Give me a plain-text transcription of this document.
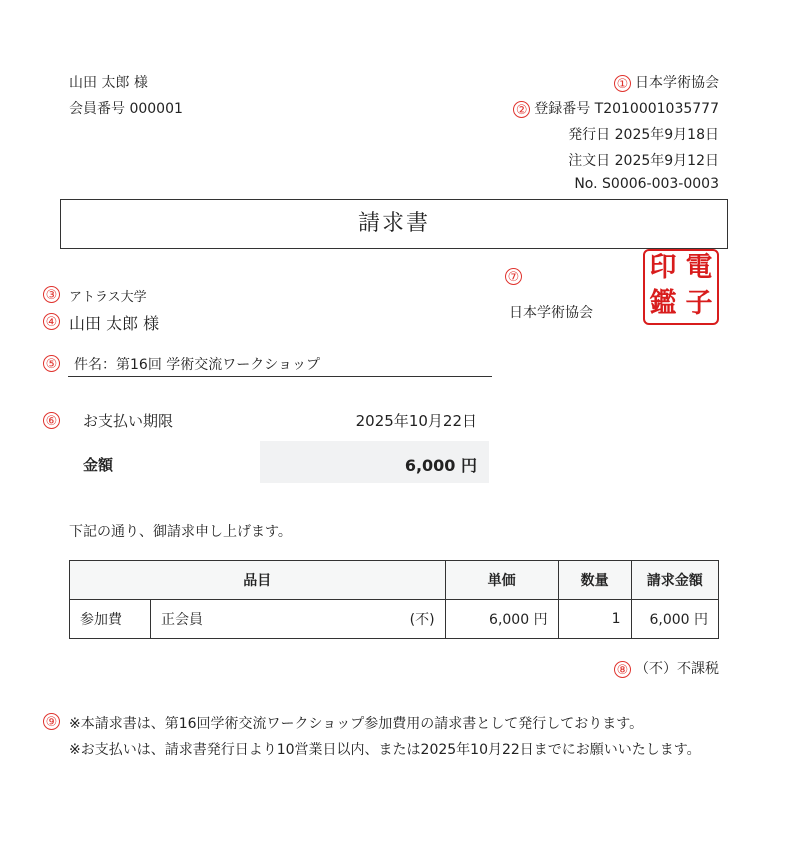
山田 太郎 様
会員番号 000001
① 日本学術協会
② 登録番号 T2010001035777
発行日 2025年9月18日
注文日 2025年9月12日
No. S0006-003-0003
請求書
③ アトラス大学
④ 山田 太郎 様
⑤ 件名：第16回 学術交流ワークショップ
⑦
日本学術協会
印 電
鑑 子
⑥ お支払い期限	2025年10月22日
金額	6,000 円
下記の通り、御請求申し上げます。
品目		単価	数量	請求金額
参加費	正会員 (不)	6,000 円	1	6,000 円
⑧ （不）不課税
⑨ ※本請求書は、第16回学術交流ワークショップ参加費用の請求書として発行しております。
※お支払いは、請求書発行日より10営業日以内、または2025年10月22日までにお願いいたします。
